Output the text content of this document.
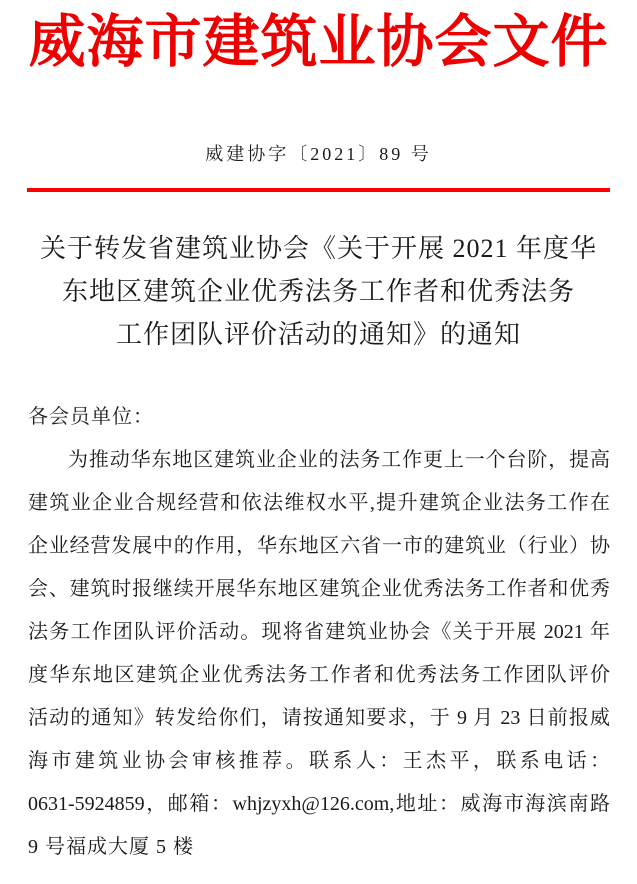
威海市建筑业协会文件
威建协字〔2021〕89 号
关于转发省建筑业协会《关于开展 2021 年度华
东地区建筑企业优秀法务工作者和优秀法务
工作团队评价活动的通知》的通知
各会员单位：
为推动华东地区建筑业企业的法务工作更上一个台阶，提高
建筑业企业合规经营和依法维权水平,提升建筑企业法务工作在
企业经营发展中的作用，华东地区六省一市的建筑业（行业）协
会、建筑时报继续开展华东地区建筑企业优秀法务工作者和优秀
法务工作团队评价活动。现将省建筑业协会《关于开展 2021 年
度华东地区建筑企业优秀法务工作者和优秀法务工作团队评价
活动的通知》转发给你们，请按通知要求，于 9 月 23 日前报威
海市建筑业协会审核推荐。联系人：王杰平，联系电话：
0631-5924859，邮箱：whjzyxh@126.com,地址：威海市海滨南路
9 号福成大厦 5 楼
